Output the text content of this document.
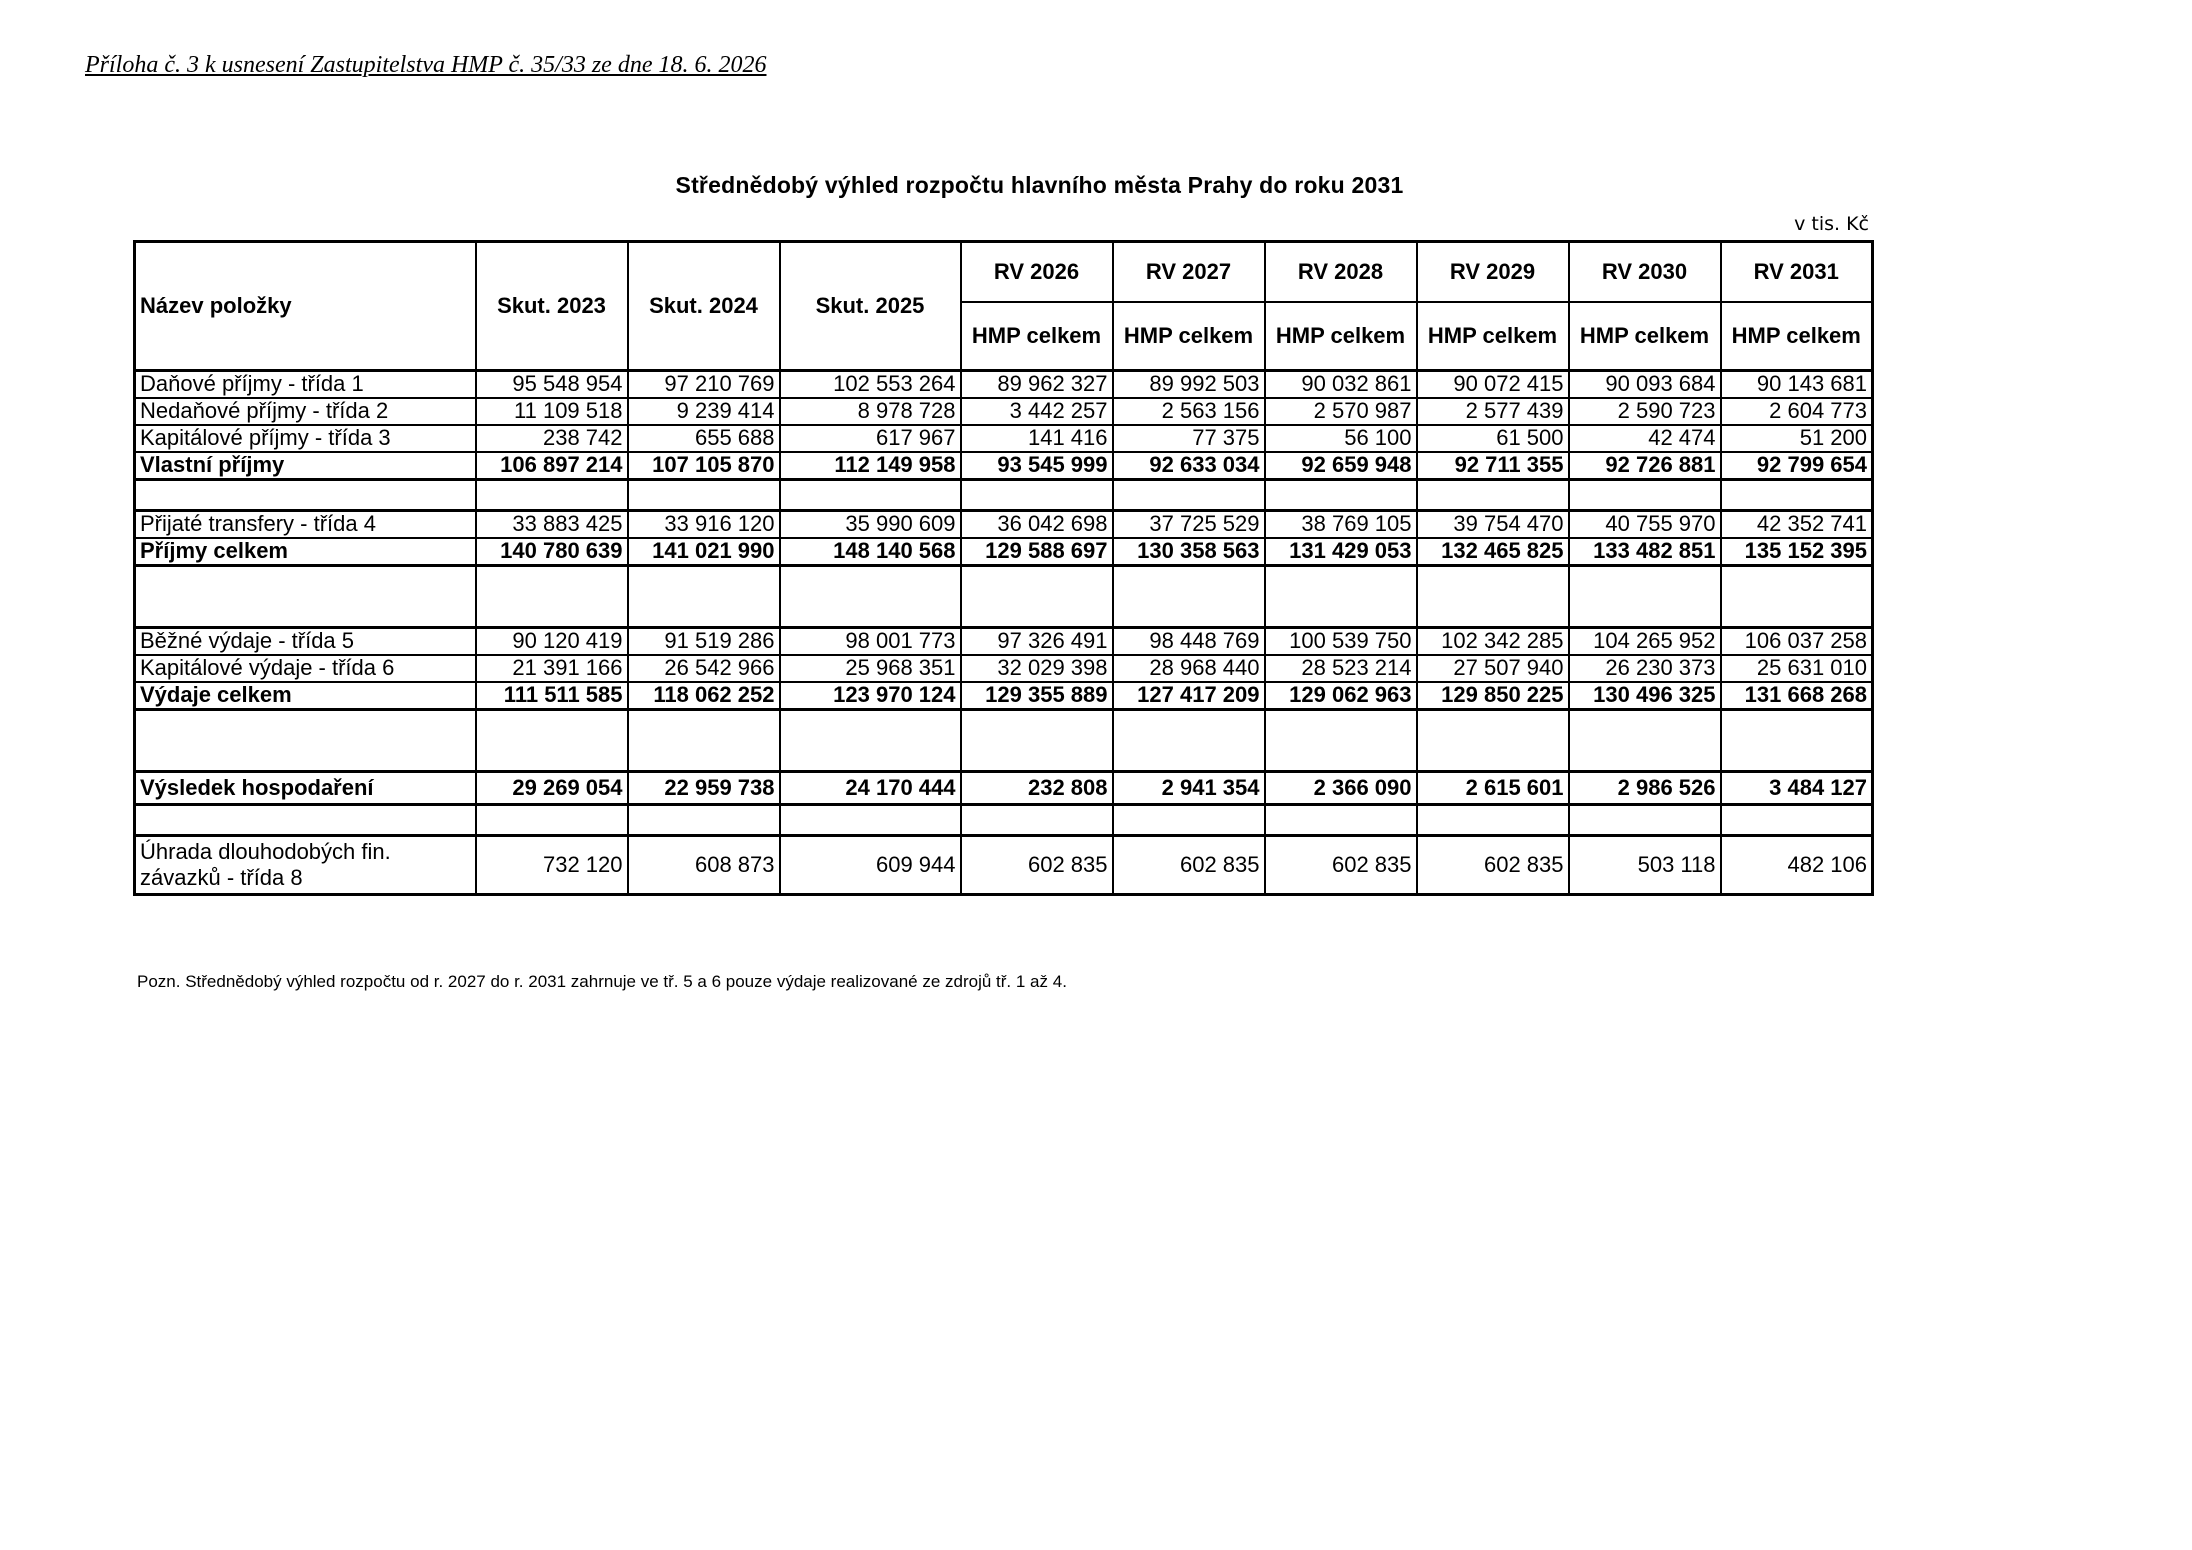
Příloha č. 3 k usnesení Zastupitelstva HMP č. 35/33 ze dne 18. 6. 2026
Střednědobý výhled rozpočtu hlavního města Prahy do roku 2031
v tis. Kč
Název položky	Skut. 2023	Skut. 2024	Skut. 2025	RV 2026	RV 2027	RV 2028	RV 2029	RV 2030	RV 2031
				HMP celkem	HMP celkem	HMP celkem	HMP celkem	HMP celkem	HMP celkem
Daňové příjmy - třída 1	95 548 954	97 210 769	102 553 264	89 962 327	89 992 503	90 032 861	90 072 415	90 093 684	90 143 681
Nedaňové příjmy - třída 2	11 109 518	9 239 414	8 978 728	3 442 257	2 563 156	2 570 987	2 577 439	2 590 723	2 604 773
Kapitálové příjmy - třída 3	238 742	655 688	617 967	141 416	77 375	56 100	61 500	42 474	51 200
Vlastní příjmy	106 897 214	107 105 870	112 149 958	93 545 999	92 633 034	92 659 948	92 711 355	92 726 881	92 799 654

Přijaté transfery - třída 4	33 883 425	33 916 120	35 990 609	36 042 698	37 725 529	38 769 105	39 754 470	40 755 970	42 352 741
Příjmy celkem	140 780 639	141 021 990	148 140 568	129 588 697	130 358 563	131 429 053	132 465 825	133 482 851	135 152 395

Běžné výdaje - třída 5	90 120 419	91 519 286	98 001 773	97 326 491	98 448 769	100 539 750	102 342 285	104 265 952	106 037 258
Kapitálové výdaje - třída 6	21 391 166	26 542 966	25 968 351	32 029 398	28 968 440	28 523 214	27 507 940	26 230 373	25 631 010
Výdaje celkem	111 511 585	118 062 252	123 970 124	129 355 889	127 417 209	129 062 963	129 850 225	130 496 325	131 668 268

Výsledek hospodaření	29 269 054	22 959 738	24 170 444	232 808	2 941 354	2 366 090	2 615 601	2 986 526	3 484 127

Úhrada dlouhodobých fin. závazků - třída 8	732 120	608 873	609 944	602 835	602 835	602 835	602 835	503 118	482 106
Pozn. Střednědobý výhled rozpočtu od r. 2027 do r. 2031 zahrnuje ve tř. 5 a 6 pouze výdaje realizované ze zdrojů tř. 1 až 4.
